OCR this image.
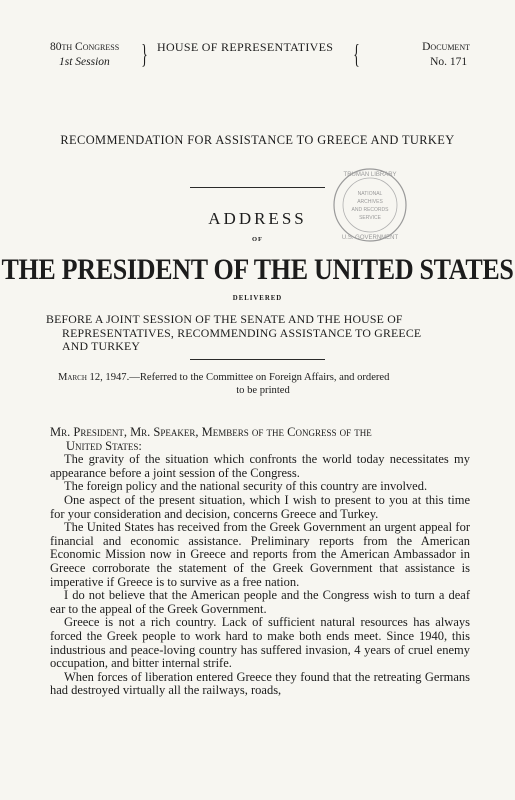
80th Congress
1st Session	} HOUSE OF REPRESENTATIVES {	Document
No. 171
RECOMMENDATION FOR ASSISTANCE TO GREECE AND TURKEY
NATIONAL
ARCHIVES
AND RECORDS
SERVICE
TRUMAN LIBRARY
U.S. GOVERNMENT
ADDRESS
OF
THE PRESIDENT OF THE UNITED STATES
DELIVERED
BEFORE A JOINT SESSION OF THE SENATE AND THE HOUSE OF
REPRESENTATIVES, RECOMMENDING ASSISTANCE TO GREECE
AND TURKEY
March 12, 1947.—Referred to the Committee on Foreign Affairs, and ordered
to be printed

Mr. President, Mr. Speaker, Members of the Congress of the
United States:

The gravity of the situation which confronts the world today necessitates my appearance before a joint session of the Congress.

The foreign policy and the national security of this country are involved.

One aspect of the present situation, which I wish to present to you at this time for your consideration and decision, concerns Greece and Turkey.

The United States has received from the Greek Government an urgent appeal for financial and economic assistance. Preliminary reports from the American Economic Mission now in Greece and reports from the American Ambassador in Greece corroborate the statement of the Greek Government that assistance is imperative if Greece is to survive as a free nation.

I do not believe that the American people and the Congress wish to turn a deaf ear to the appeal of the Greek Government.

Greece is not a rich country. Lack of sufficient natural resources has always forced the Greek people to work hard to make both ends meet. Since 1940, this industrious and peace-loving country has suffered invasion, 4 years of cruel enemy occupation, and bitter internal strife.

When forces of liberation entered Greece they found that the retreating Germans had destroyed virtually all the railways, roads,
